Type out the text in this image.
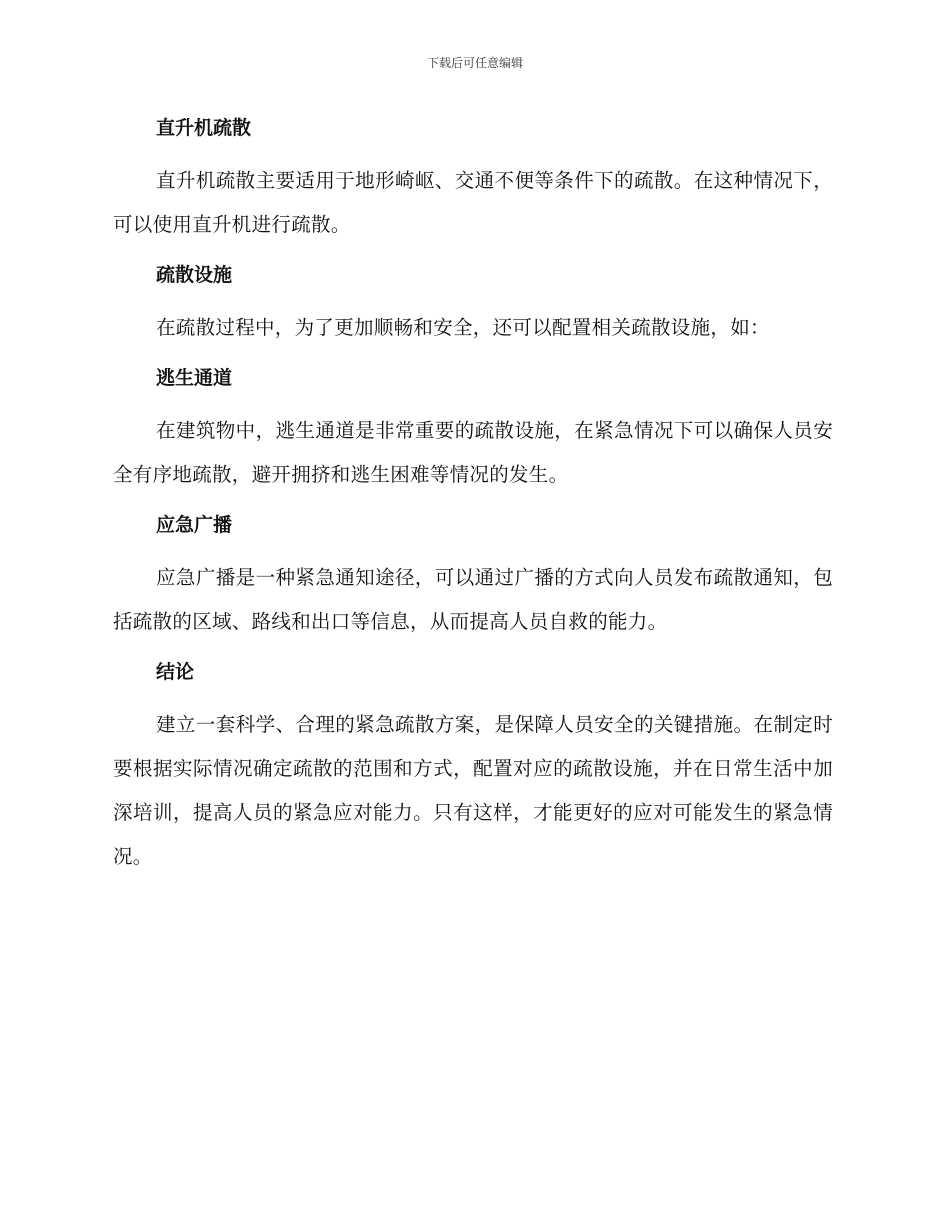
下载后可任意编辑
直升机疏散

直升机疏散主要适用于地形崎岖、交通不便等条件下的疏散。在这种情况下，可以使用直升机进行疏散。

疏散设施

在疏散过程中，为了更加顺畅和安全，还可以配置相关疏散设施，如：

逃生通道

在建筑物中，逃生通道是非常重要的疏散设施，在紧急情况下可以确保人员安全有序地疏散，避开拥挤和逃生困难等情况的发生。

应急广播

应急广播是一种紧急通知途径，可以通过广播的方式向人员发布疏散通知，包括疏散的区域、路线和出口等信息，从而提高人员自救的能力。

结论

建立一套科学、合理的紧急疏散方案，是保障人员安全的关键措施。在制定时要根据实际情况确定疏散的范围和方式，配置对应的疏散设施，并在日常生活中加深培训，提高人员的紧急应对能力。只有这样，才能更好的应对可能发生的紧急情况。
